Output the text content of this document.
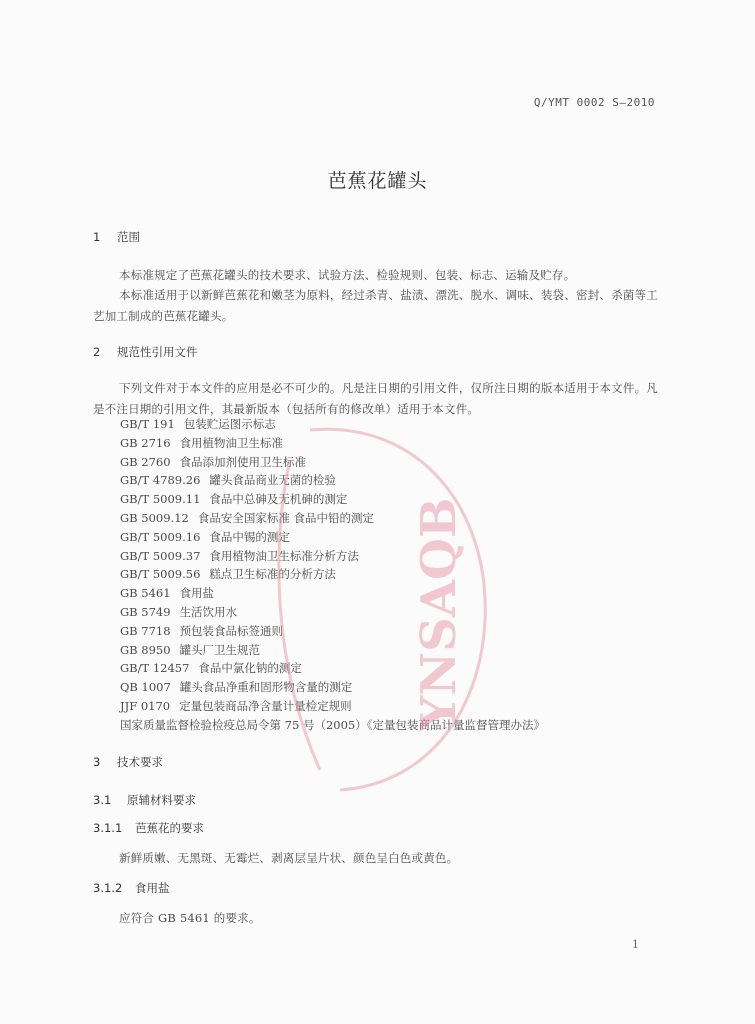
Q/YMT 0002 S—2010
芭蕉花罐头
1 范围
本标准规定了芭蕉花罐头的技术要求、试验方法、检验规则、包装、标志、运输及贮存。
本标准适用于以新鲜芭蕉花和嫩茎为原料，经过杀青、盐渍、漂洗、脱水、调味、装袋、密封、杀菌等工艺加工制成的芭蕉花罐头。
2 规范性引用文件
下列文件对于本文件的应用是必不可少的。凡是注日期的引用文件，仅所注日期的版本适用于本文件。凡是不注日期的引用文件，其最新版本（包括所有的修改单）适用于本文件。
GB/T 191 包装贮运图示标志
GB 2716 食用植物油卫生标准
GB 2760 食品添加剂使用卫生标准
GB/T 4789.26 罐头食品商业无菌的检验
GB/T 5009.11 食品中总砷及无机砷的测定
GB 5009.12 食品安全国家标准 食品中铅的测定
GB/T 5009.16 食品中锡的测定
GB/T 5009.37 食用植物油卫生标准分析方法
GB/T 5009.56 糕点卫生标准的分析方法
GB 5461 食用盐
GB 5749 生活饮用水
GB 7718 预包装食品标签通则
GB 8950 罐头厂卫生规范
GB/T 12457 食品中氯化钠的测定
QB 1007 罐头食品净重和固形物含量的测定
JJF 0170 定量包装商品净含量计量检定规则
国家质量监督检验检疫总局令第 75 号（2005）《定量包装商品计量监督管理办法》
3 技术要求
3.1 原辅材料要求
3.1.1 芭蕉花的要求
新鲜质嫩、无黑斑、无霉烂、剥离层呈片状、颜色呈白色或黄色。
3.1.2 食用盐
应符合 GB 5461 的要求。
1
YNSAQB
